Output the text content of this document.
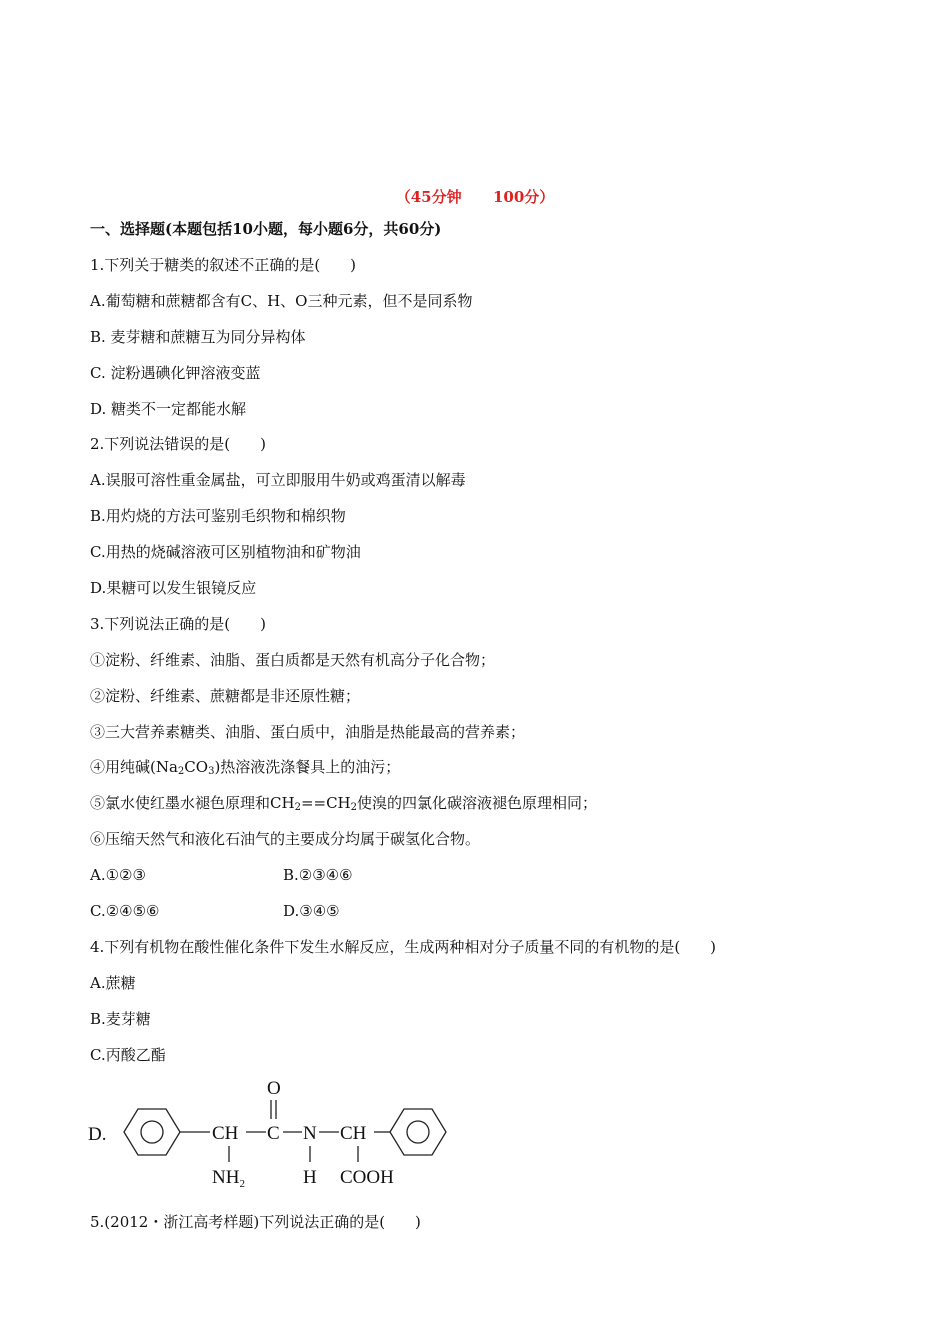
（45分钟 100分）
一、选择题(本题包括10小题，每小题6分，共60分)
1.下列关于糖类的叙述不正确的是(　　)
A.葡萄糖和蔗糖都含有C、H、O三种元素，但不是同系物
B. 麦芽糖和蔗糖互为同分异构体
C. 淀粉遇碘化钾溶液变蓝
D. 糖类不一定都能水解
2.下列说法错误的是(　　)
A.误服可溶性重金属盐，可立即服用牛奶或鸡蛋清以解毒
B.用灼烧的方法可鉴别毛织物和棉织物
C.用热的烧碱溶液可区别植物油和矿物油
D.果糖可以发生银镜反应
3.下列说法正确的是(　　)
①淀粉、纤维素、油脂、蛋白质都是天然有机高分子化合物；
②淀粉、纤维素、蔗糖都是非还原性糖；
③三大营养素糖类、油脂、蛋白质中，油脂是热能最高的营养素；
④用纯碱$(Na_2CO_3)$热溶液洗涤餐具上的油污；
⑤氯水使红墨水褪色原理和$CH_2==CH_2$使溴的四氯化碳溶液褪色原理相同；
⑥压缩天然气和液化石油气的主要成分均属于碳氢化合物。
A.①②③	B.②③④⑥
C.②④⑤⑥	D.③④⑤
4.下列有机物在酸性催化条件下发生水解反应，生成两种相对分子质量不同的有机物的是(　　)
A.蔗糖
B.麦芽糖
C.丙酸乙酯
D.	CH
$NH_2$
C
O
N
H
CH
COOH
5.(2012・浙江高考样题)下列说法正确的是(　　)
